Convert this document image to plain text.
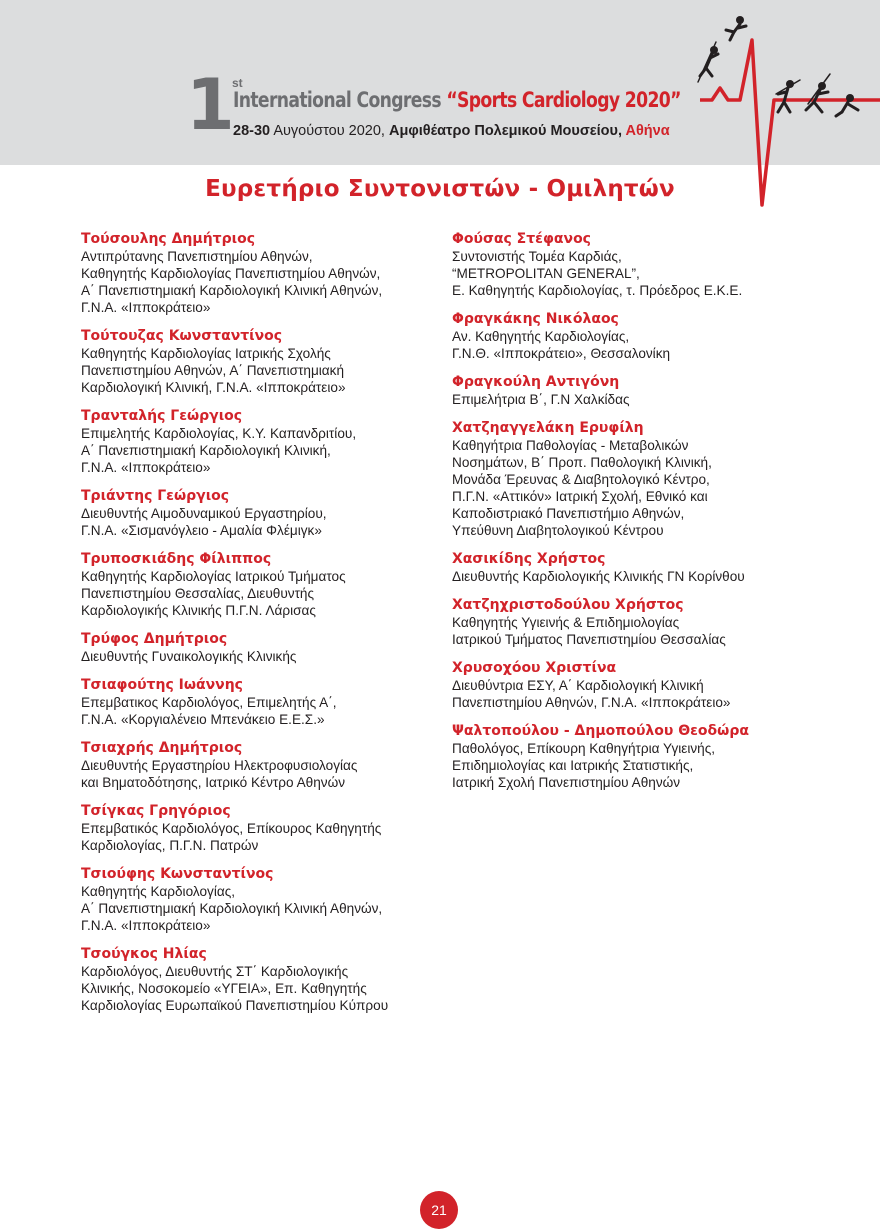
1
st
International Congress “Sports Cardiology 2020”
28-30 Αυγούστου 2020, Αμφιθέατρο Πολεμικού Μουσείου, Αθήνα
Ευρετήριο Συντονιστών - Ομιλητών
Τούσουλης Δημήτριος
Αντιπρύτανης Πανεπιστημίου Αθηνών,
Καθηγητής Καρδιολογίας Πανεπιστημίου Αθηνών,
Α΄ Πανεπιστημιακή Καρδιολογική Κλινική Αθηνών,
Γ.Ν.Α. «Ιπποκράτειο»
Τούτουζας Κωνσταντίνος
Καθηγητής Καρδιολογίας Ιατρικής Σχολής
Πανεπιστημίου Αθηνών, Α΄ Πανεπιστημιακή
Καρδιολογική Κλινική, Γ.Ν.Α. «Ιπποκράτειο»
Τρανταλής Γεώργιος
Επιμελητής Καρδιολογίας, Κ.Υ. Καπανδριτίου,
Α΄ Πανεπιστημιακή Καρδιολογική Κλινική,
Γ.Ν.Α. «Ιπποκράτειο»
Τριάντης Γεώργιος
Διευθυντής Αιμοδυναμικού Εργαστηρίου,
Γ.Ν.Α. «Σισμανόγλειο - Αμαλία Φλέμιγκ»
Τρυποσκιάδης Φίλιππος
Καθηγητής Καρδιολογίας Ιατρικού Τμήματος
Πανεπιστημίου Θεσσαλίας, Διευθυντής
Καρδιολογικής Κλινικής Π.Γ.Ν. Λάρισας
Τρύφος Δημήτριος
Διευθυντής Γυναικολογικής Κλινικής
Τσιαφούτης Ιωάννης
Επεμβατικος Καρδιολόγος, Επιμελητής Α΄,
Γ.Ν.Α. «Κοργιαλένειο Μπενάκειο Ε.Ε.Σ.»
Τσιαχρής Δημήτριος
Διευθυντής Εργαστηρίου Ηλεκτροφυσιολογίας
και Βηματοδότησης, Ιατρικό Κέντρο Αθηνών
Τσίγκας Γρηγόριος
Επεμβατικός Καρδιολόγος, Επίκουρος Καθηγητής
Καρδιολογίας, Π.Γ.Ν. Πατρών
Τσιούφης Κωνσταντίνος
Καθηγητής Καρδιολογίας,
Α΄ Πανεπιστημιακή Καρδιολογική Κλινική Αθηνών,
Γ.Ν.Α. «Ιπποκράτειο»
Τσούγκος Ηλίας
Καρδιολόγος, Διευθυντής ΣΤ΄ Καρδιολογικής
Κλινικής, Νοσοκομείο «ΥΓΕΙΑ», Επ. Καθηγητής
Καρδιολογίας Ευρωπαϊκού Πανεπιστημίου Κύπρου
Φούσας Στέφανος
Συντονιστής Τομέα Καρδιάς,
“METROPOLITAN GENERAL”,
Ε. Καθηγητής Καρδιολογίας, τ. Πρόεδρος Ε.Κ.Ε.
Φραγκάκης Νικόλαος
Αν. Καθηγητής Καρδιολογίας,
Γ.Ν.Θ. «Ιπποκράτειο», Θεσσαλονίκη
Φραγκούλη Αντιγόνη
Επιμελήτρια Β΄, Γ.Ν Χαλκίδας
Χατζηαγγελάκη Ερυφίλη
Καθηγήτρια Παθολογίας - Μεταβολικών
Νοσημάτων, Β΄ Προπ. Παθολογική Κλινική,
Μονάδα Έρευνας & Διαβητολογικό Κέντρο,
Π.Γ.Ν. «Αττικόν» Ιατρική Σχολή, Εθνικό και
Καποδιστριακό Πανεπιστήμιο Αθηνών,
Υπεύθυνη Διαβητολογικού Κέντρου
Χασικίδης Χρήστος
Διευθυντής Καρδιολογικής Κλινικής ΓΝ Κορίνθου
Χατζηχριστοδούλου Χρήστος
Καθηγητής Υγιεινής & Επιδημιολογίας
Ιατρικού Τμήματος Πανεπιστημίου Θεσσαλίας
Χρυσοχόου Χριστίνα
Διευθύντρια ΕΣΥ, Α΄ Καρδιολογική Κλινική
Πανεπιστημίου Αθηνών, Γ.Ν.Α. «Ιπποκράτειο»
Ψαλτοπούλου - Δημοπούλου Θεοδώρα
Παθολόγος, Επίκουρη Καθηγήτρια Υγιεινής,
Επιδημιολογίας και Ιατρικής Στατιστικής,
Ιατρική Σχολή Πανεπιστημίου Αθηνών
21
